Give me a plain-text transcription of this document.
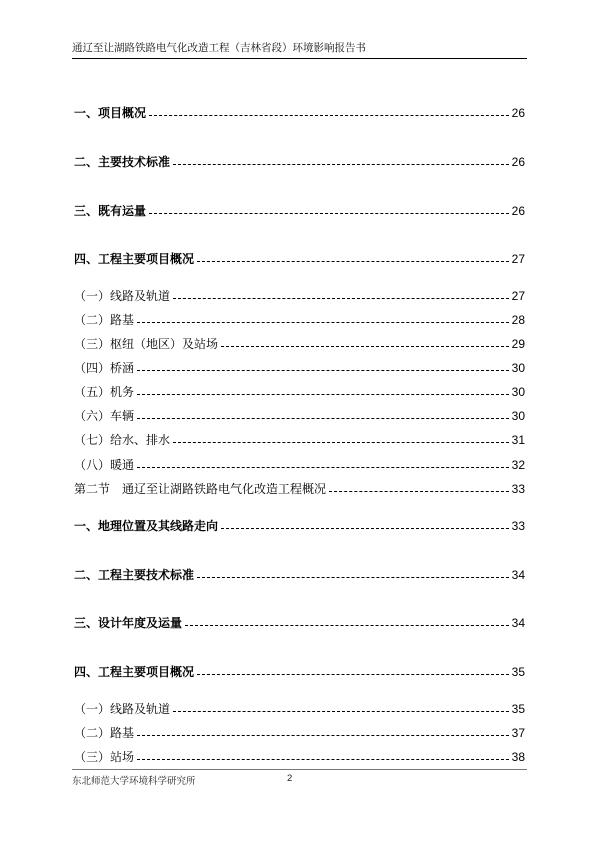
通辽至让湖路铁路电气化改造工程（吉林省段）环境影响报告书
一、项目概况	26
二、主要技术标准	26
三、既有运量	26
四、工程主要项目概况	27
（一）线路及轨道	27
（二）路基	28
（三）枢纽（地区）及站场	29
（四）桥涵	30
（五）机务	30
（六）车辆	30
（七）给水、排水	31
（八）暖通	32
第二节　通辽至让湖路铁路电气化改造工程概况	33
一、地理位置及其线路走向	33
二、工程主要技术标准	34
三、设计年度及运量	34
四、工程主要项目概况	35
（一）线路及轨道	35
（二）路基	37
（三）站场	38
东北师范大学环境科学研究所	2
